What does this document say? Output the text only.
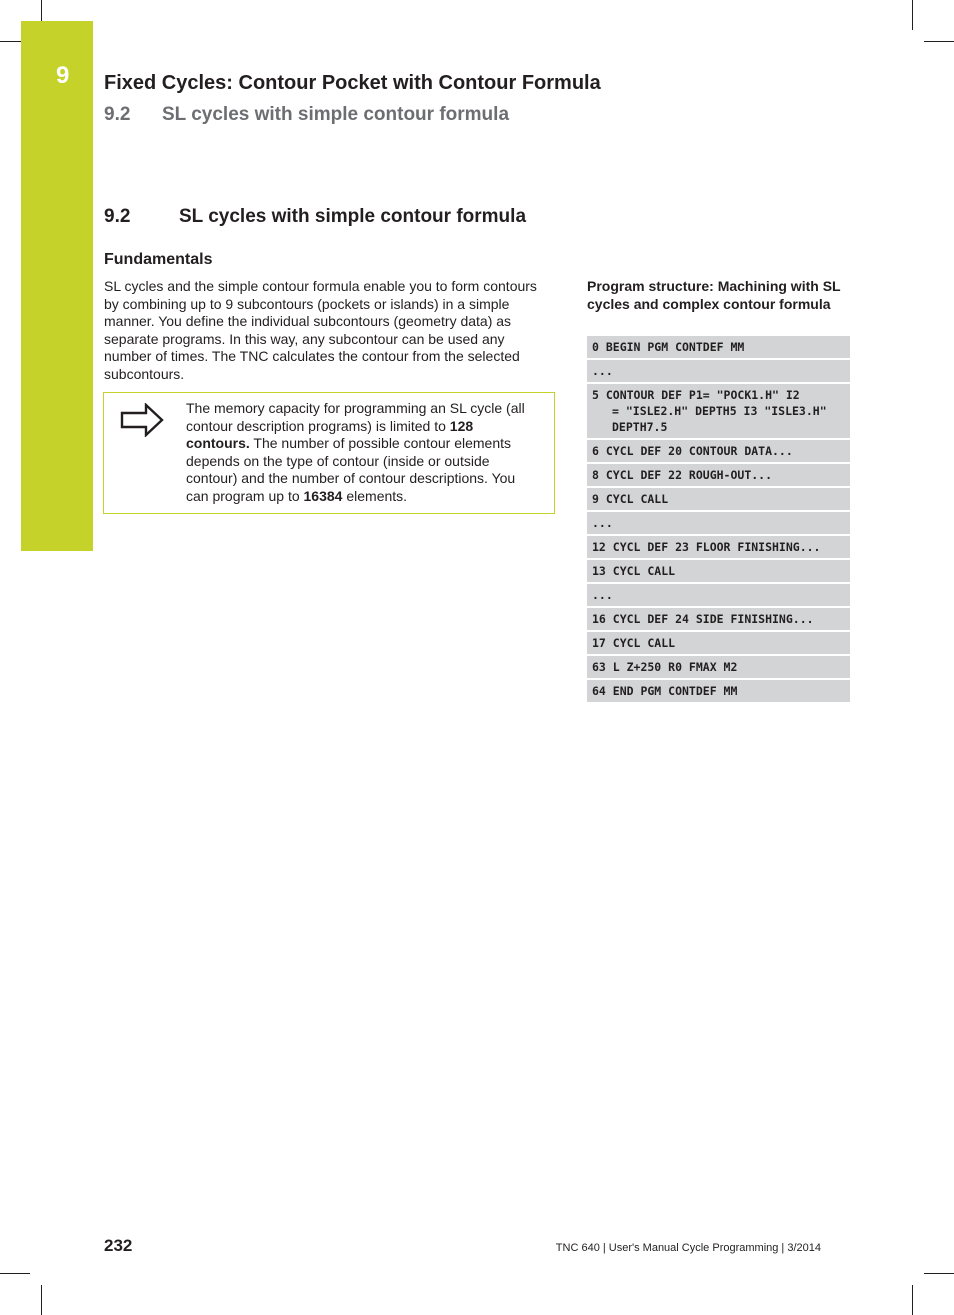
9	Fixed Cycles: Contour Pocket with Contour Formula
9.2 SL cycles with simple contour formula
9.2	SL cycles with simple contour formula
Fundamentals
SL cycles and the simple contour formula enable you to form contours by combining up to 9 subcontours (pockets or islands) in a simple manner. You define the individual subcontours (geometry data) as separate programs. In this way, any subcontour can be used any number of times. The TNC calculates the contour from the selected subcontours.
The memory capacity for programming an SL cycle (all contour description programs) is limited to 128 contours. The number of possible contour elements depends on the type of contour (inside or outside contour) and the number of contour descriptions. You can program up to 16384 elements.
Program structure: Machining with SL cycles and complex contour formula
0 BEGIN PGM CONTDEF MM
...
5 CONTOUR DEF P1= "POCK1.H" I2
= "ISLE2.H" DEPTH5 I3 "ISLE3.H"
DEPTH7.5

6 CYCL DEF 20 CONTOUR DATA...
8 CYCL DEF 22 ROUGH-OUT...
9 CYCL CALL
...
12 CYCL DEF 23 FLOOR FINISHING...
13 CYCL CALL
...
16 CYCL DEF 24 SIDE FINISHING...
17 CYCL CALL
63 L Z+250 R0 FMAX M2
64 END PGM CONTDEF MM
232	TNC 640 | User's Manual Cycle Programming | 3/2014
